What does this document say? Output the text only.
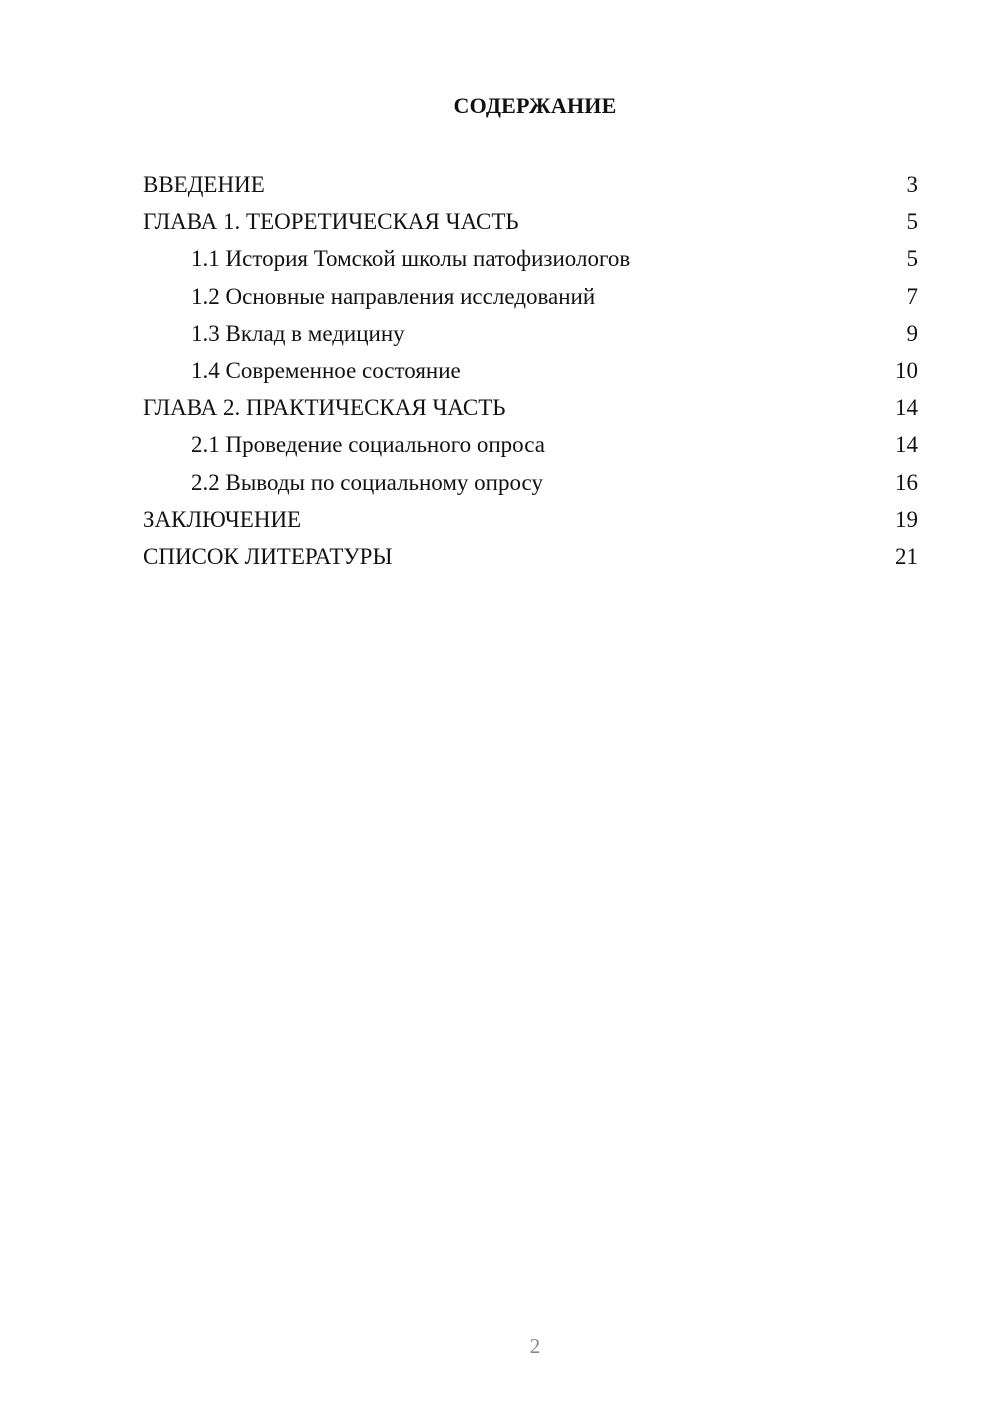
СОДЕРЖАНИЕ
ВВЕДЕНИЕ	3
ГЛАВА 1. ТЕОРЕТИЧЕСКАЯ ЧАСТЬ	5
1.1 История Томской школы патофизиологов	5
1.2 Основные направления исследований	7
1.3 Вклад в медицину	9
1.4 Современное состояние	10
ГЛАВА 2. ПРАКТИЧЕСКАЯ ЧАСТЬ	14
2.1 Проведение социального опроса	14
2.2 Выводы по социальному опросу	16
ЗАКЛЮЧЕНИЕ	19
СПИСОК ЛИТЕРАТУРЫ	21
2
